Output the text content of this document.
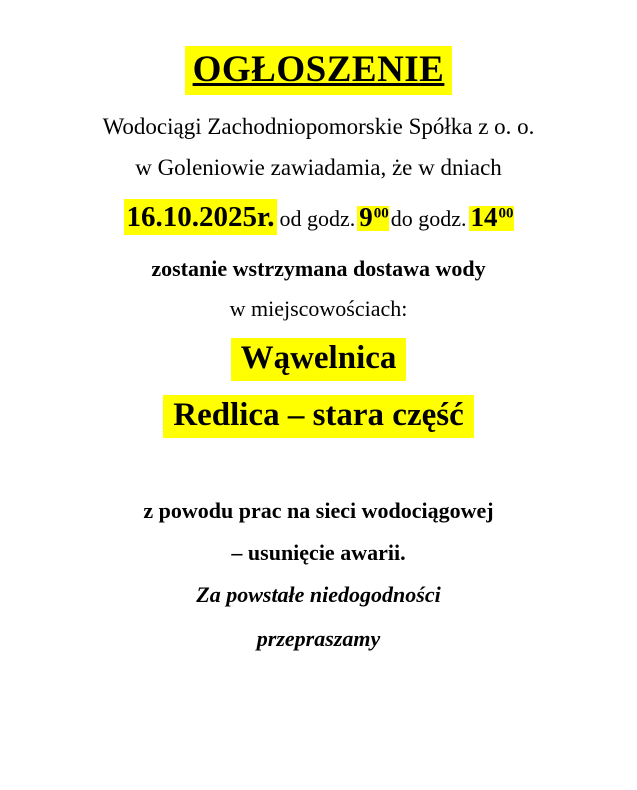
OGŁOSZENIE

Wodociągi Zachodniopomorskie Spółka z o. o.

w Goleniowie zawiadamia, że w dniach

16.10.2025r. od godz. $9^{00}do$ godz. $14^{00}$

zostanie wstrzymana dostawa wody

w miejscowościach:

Wąwelnica
Redlica – stara część

z powodu prac na sieci wodociągowej

– usunięcie awarii.

Za powstałe niedogodności

przepraszamy
